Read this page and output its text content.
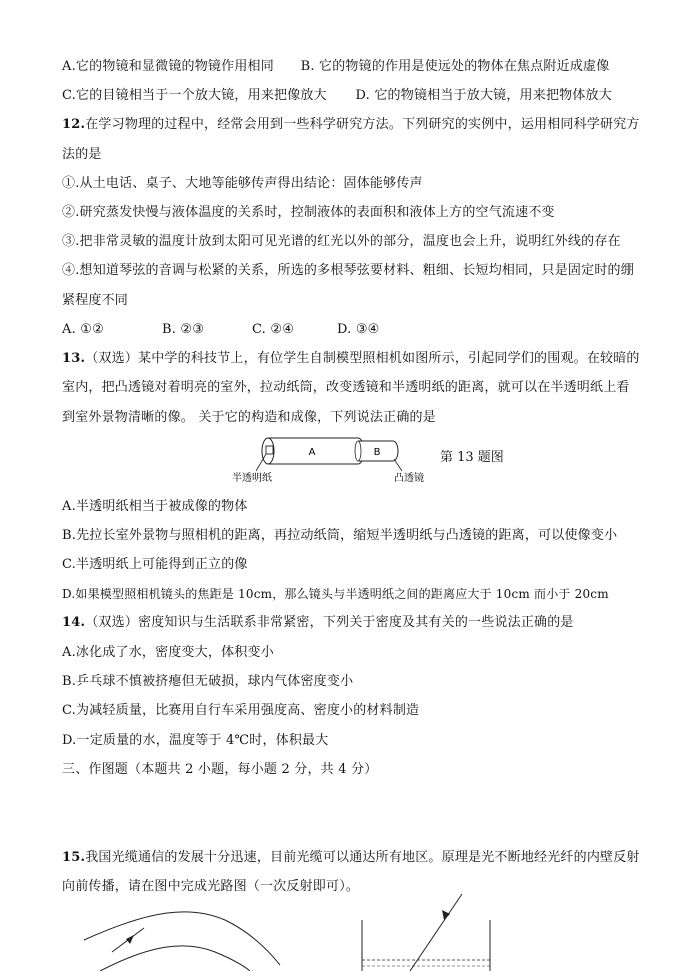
A.它的物镜和显微镜的物镜作用相同 B. 它的物镜的作用是使远处的物体在焦点附近成虚像
C.它的目镜相当于一个放大镜，用来把像放大 D. 它的物镜相当于放大镜，用来把物体放大
12.在学习物理的过程中，经常会用到一些科学研究方法。下列研究的实例中，运用相同科学研究方
法的是
①.从土电话、桌子、大地等能够传声得出结论：固体能够传声
②.研究蒸发快慢与液体温度的关系时，控制液体的表面积和液体上方的空气流速不变
③.把非常灵敏的温度计放到太阳可见光谱的红光以外的部分，温度也会上升，说明红外线的存在
④.想知道琴弦的音调与松紧的关系，所选的多根琴弦要材料、粗细、长短均相同，只是固定时的绷
紧程度不同
A. ①②	B. ②③	C. ②④	D. ③④
13.（双选）某中学的科技节上，有位学生自制模型照相机如图所示，引起同学们的围观。在较暗的
室内，把凸透镜对着明亮的室外，拉动纸筒，改变透镜和半透明纸的距离，就可以在半透明纸上看
到室外景物清晰的像。 关于它的构造和成像，下列说法正确的是
A	B
半透明纸	凸透镜
第 13 题图
A.半透明纸相当于被成像的物体
B.先拉长室外景物与照相机的距离，再拉动纸筒，缩短半透明纸与凸透镜的距离，可以使像变小
C.半透明纸上可能得到正立的像
D.如果模型照相机镜头的焦距是 10cm，那么镜头与半透明纸之间的距离应大于 10cm 而小于 20cm
14.（双选）密度知识与生活联系非常紧密，下列关于密度及其有关的一些说法正确的是
A.冰化成了水，密度变大，体积变小
B.乒乓球不慎被挤瘪但无破损，球内气体密度变小
C.为减轻质量，比赛用自行车采用强度高、密度小的材料制造
D.一定质量的水，温度等于 4℃时，体积最大
三、作图题（本题共 2 小题，每小题 2 分，共 4 分）
15.我国光缆通信的发展十分迅速，目前光缆可以通达所有地区。原理是光不断地经光纤的内壁反射
向前传播，请在图中完成光路图（一次反射即可）。
